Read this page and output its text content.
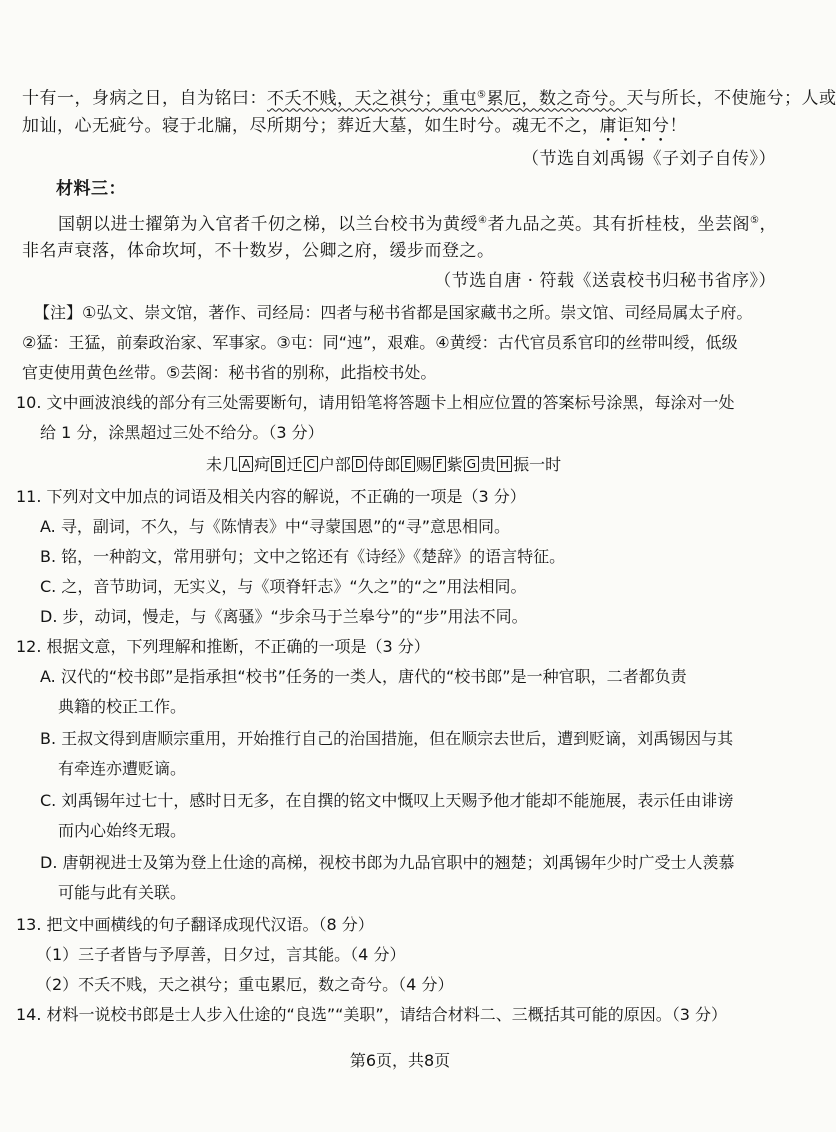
十有一，身病之日，自为铭曰：不夭不贱，天之祺兮；重屯⑤累厄，数之奇兮。天与所长，不使施兮；人或
加讪，心无疵兮。寝于北牖，尽所期兮；葬近大墓，如生时兮。魂无不之，庸讵知兮！
（节选自刘禹锡《子刘子自传》）
材料三：
国朝以进士擢第为入官者千仞之梯，以兰台校书为黄绶④者九品之英。其有折桂枝，坐芸阁⑤，
非名声衰落，体命坎坷，不十数岁，公卿之府，缓步而登之。
（节选自唐 · 符载《送袁校书归秘书省序》）
【注】①弘文、崇文馆，著作、司经局：四者与秘书省都是国家藏书之所。崇文馆、司经局属太子府。
②猛：王猛，前秦政治家、军事家。③屯：同“迍”，艰难。④黄绶：古代官员系官印的丝带叫绶，低级
官吏使用黄色丝带。⑤芸阁：秘书省的别称，此指校书处。
10. 文中画波浪线的部分有三处需要断句，请用铅笔将答题卡上相应位置的答案标号涂黑，每涂对一处
给 1 分，涂黑超过三处不给分。（3 分）
未几 A 疴 B 迁 C 户部 D 侍郎 E 赐 F 紫 G 贵 H 振一时
11. 下列对文中加点的词语及相关内容的解说，不正确的一项是（3 分）
A. 寻，副词，不久，与《陈情表》中“寻蒙国恩”的“寻”意思相同。
B. 铭，一种韵文，常用骈句；文中之铭还有《诗经》《楚辞》的语言特征。
C. 之，音节助词，无实义，与《项脊轩志》“久之”的“之”用法相同。
D. 步，动词，慢走，与《离骚》“步余马于兰皋兮”的“步”用法不同。
12. 根据文意，下列理解和推断，不正确的一项是（3 分）
A. 汉代的“校书郎”是指承担“校书”任务的一类人，唐代的“校书郎”是一种官职，二者都负责
典籍的校正工作。
B. 王叔文得到唐顺宗重用，开始推行自己的治国措施，但在顺宗去世后，遭到贬谪，刘禹锡因与其
有牵连亦遭贬谪。
C. 刘禹锡年过七十，感时日无多，在自撰的铭文中慨叹上天赐予他才能却不能施展，表示任由诽谤
而内心始终无瑕。
D. 唐朝视进士及第为登上仕途的高梯，视校书郎为九品官职中的翘楚；刘禹锡年少时广受士人羡慕
可能与此有关联。
13. 把文中画横线的句子翻译成现代汉语。（8 分）
（1）三子者皆与予厚善，日夕过，言其能。（4 分）
（2）不夭不贱，天之祺兮；重屯累厄，数之奇兮。（4 分）
14. 材料一说校书郎是士人步入仕途的“良选”“美职”，请结合材料二、三概括其可能的原因。（3 分）
第6页，共8页
